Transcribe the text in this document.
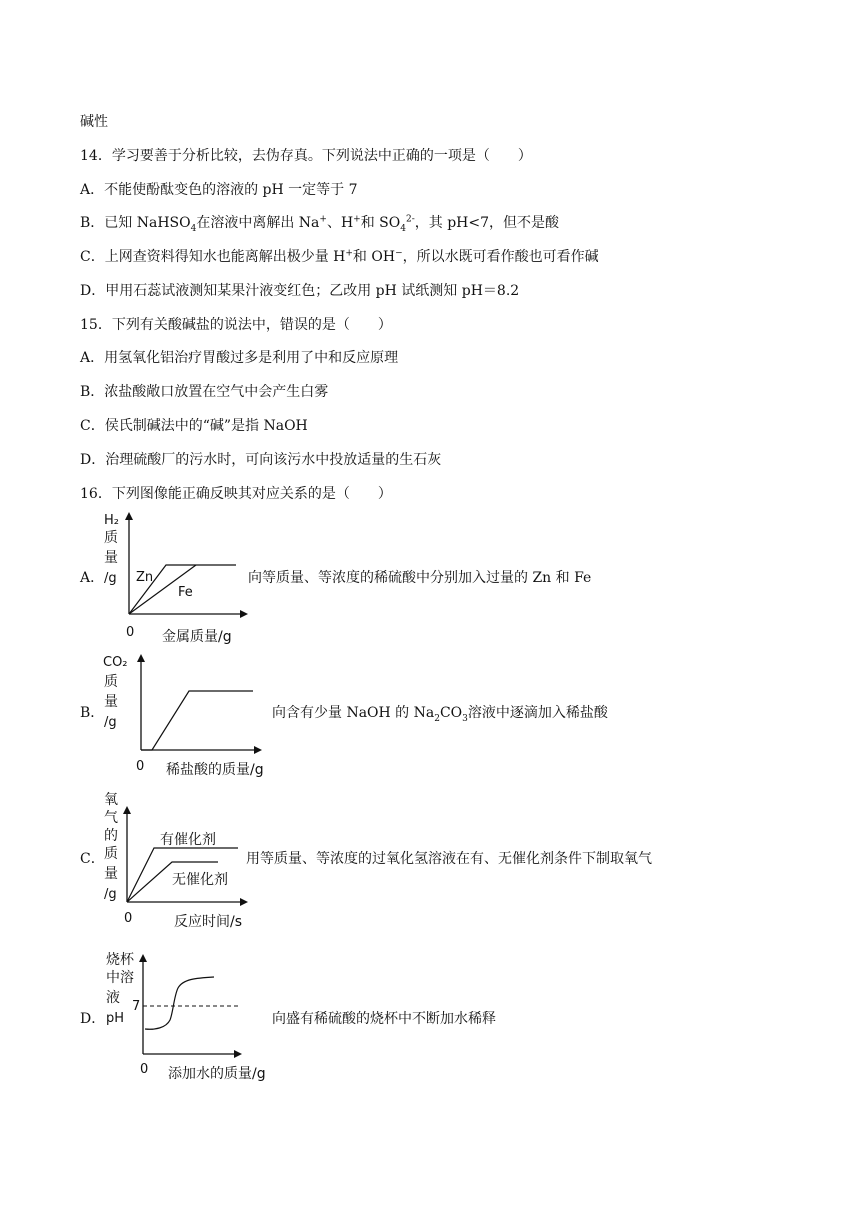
碱性
14．学习要善于分析比较，去伪存真。下列说法中正确的一项是（　　）
A．不能使酚酞变色的溶液的 pH 一定等于 7
B．已知 NaHSO$_4$在溶液中离解出 Na+、H+和 $SO_4^{2-}$，其 pH<7，但不是酸
C．上网查资料得知水也能离解出极少量 H+和 OH−，所以水既可看作酸也可看作碱
D．甲用石蕊试液测知某果汁液变红色；乙改用 pH 试纸测知 pH＝8.2
15．下列有关酸碱盐的说法中，错误的是（　　）
A．用氢氧化铝治疗胃酸过多是利用了中和反应原理
B．浓盐酸敞口放置在空气中会产生白雾
C．侯氏制碱法中的“碱”是指 NaOH
D．治理硫酸厂的污水时，可向该污水中投放适量的生石灰
16．下列图像能正确反映其对应关系的是（　　）
A．
H₂
质
量
/g Zn
Fe
0 金属质量/g
向等质量、等浓度的稀硫酸中分别加入过量的 Zn 和 Fe
B．
CO₂
质
量
/g
0 稀盐酸的质量/g
向含有少量 NaOH 的 $Na_2CO_3$溶液中逐滴加入稀盐酸
C．
氧
气
的
质
量
/g
有催化剂
无催化剂
0	反应时间/s
用等质量、等浓度的过氧化氢溶液在有、无催化剂条件下制取氧气
D．
烧杯
中溶
液
pH
7
0 添加水的质量/g
向盛有稀硫酸的烧杯中不断加水稀释
